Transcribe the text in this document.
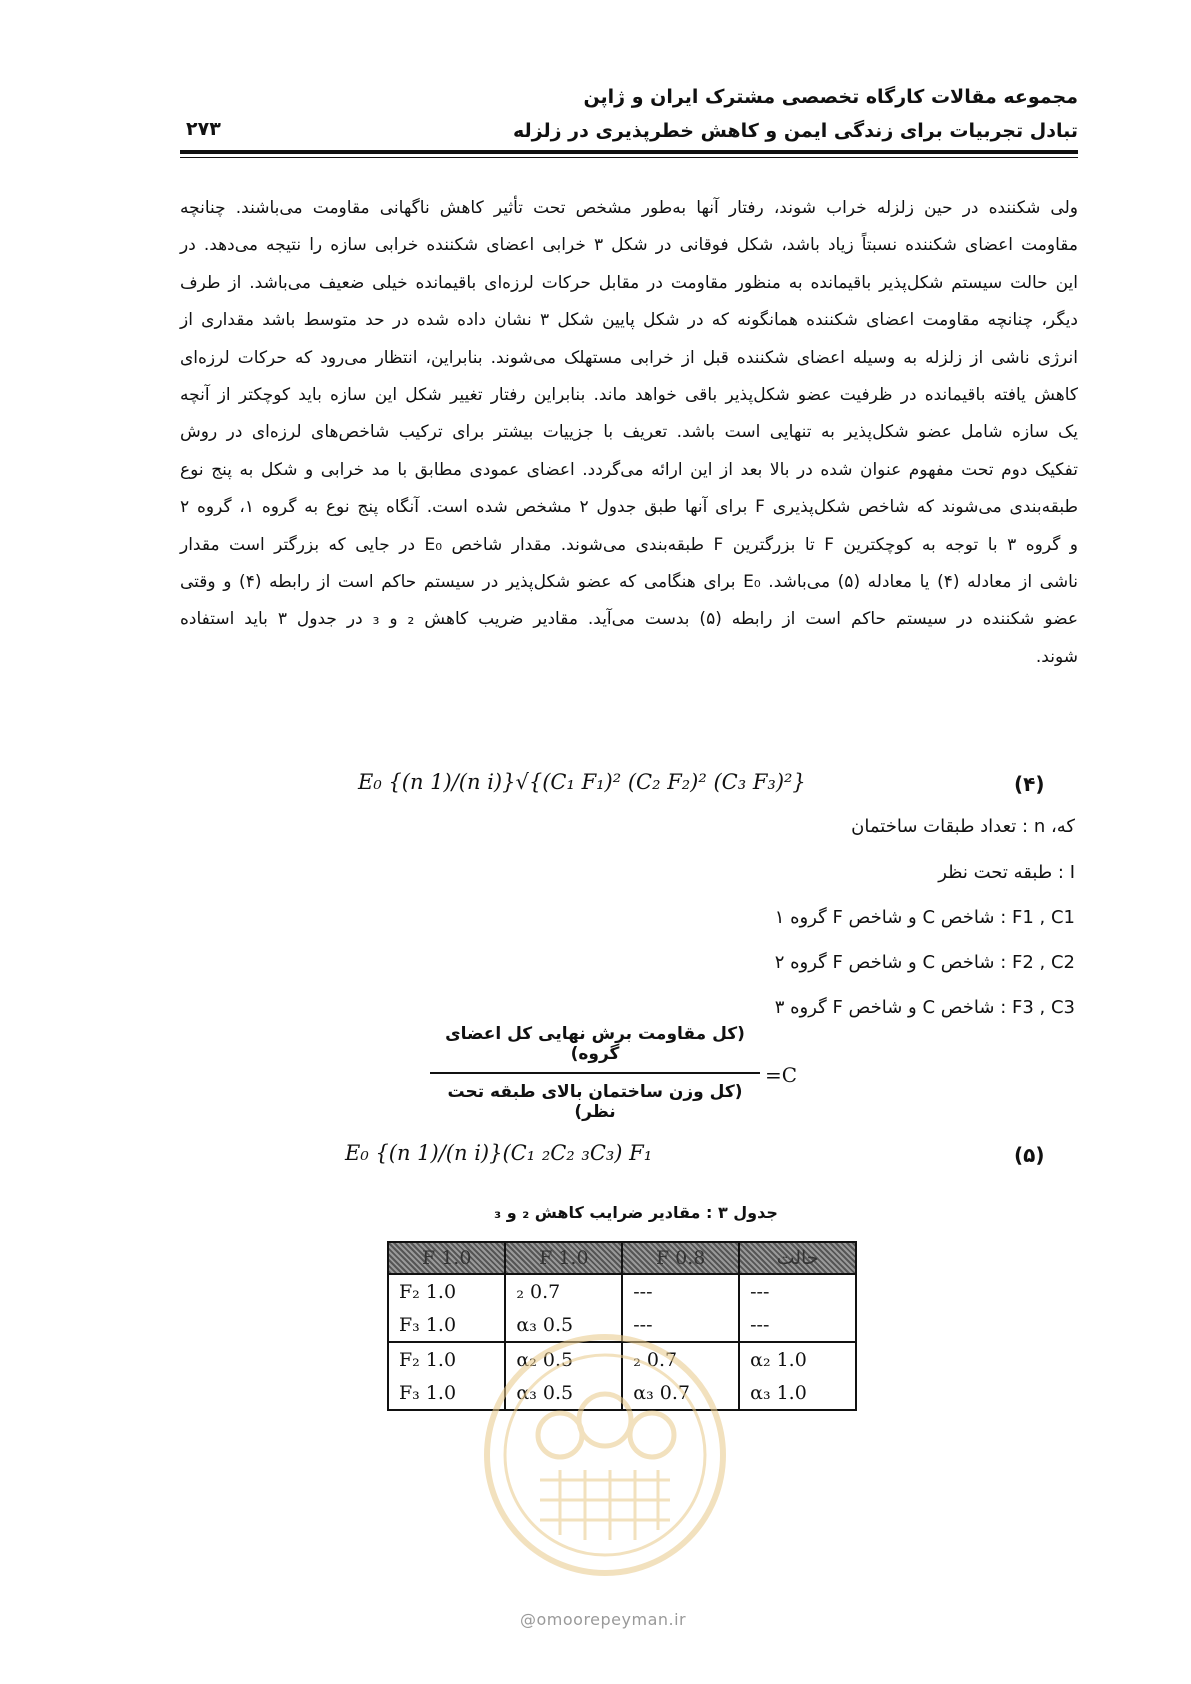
مجموعه مقالات کارگاه تخصصی مشترک ایران و ژاپن
تبادل تجربیات برای زندگی ایمن و کاهش خطرپذیری در زلزله
۲۷۳
ولی شکننده در حین زلزله خراب شوند، رفتار آنها به‌طور مشخص تحت تأثیر کاهش ناگهانی مقاومت می‌باشند. چنانچه
مقاومت اعضای شکننده نسبتاً زیاد باشد، شکل فوقانی در شکل ۳ خرابی اعضای شکننده خرابی سازه را نتیجه می‌دهد. در
این حالت سیستم شکل‌پذیر باقیمانده به منظور مقاومت در مقابل حرکات لرزه‌ای باقیمانده خیلی ضعیف می‌باشد. از طرف
دیگر، چنانچه مقاومت اعضای شکننده همانگونه که در شکل پایین شکل ۳ نشان داده شده در حد متوسط باشد مقداری از
انرژی ناشی از زلزله به وسیله اعضای شکننده قبل از خرابی مستهلک می‌شوند. بنابراین، انتظار می‌رود که حرکات لرزه‌ای
کاهش یافته باقیمانده در ظرفیت عضو شکل‌پذیر باقی خواهد ماند. بنابراین رفتار تغییر شکل این سازه باید کوچکتر از آنچه
یک سازه شامل عضو شکل‌پذیر به تنهایی است باشد. تعریف با جزییات بیشتر برای ترکیب شاخص‌های لرزه‌ای در روش
تفکیک دوم تحت مفهوم عنوان شده در بالا بعد از این ارائه می‌گردد. اعضای عمودی مطابق با مد خرابی و شکل به پنج نوع
طبقه‌بندی می‌شوند که شاخص شکل‌پذیری F برای آنها طبق جدول ۲ مشخص شده است. آنگاه پنج نوع به گروه ۱، گروه ۲
و گروه ۳ با توجه به کوچکترین F تا بزرگترین F طبقه‌بندی می‌شوند. مقدار شاخص E₀ در جایی که بزرگتر است مقدار
ناشی از معادله (۴) یا معادله (۵) می‌باشد. E₀ برای هنگامی که عضو شکل‌پذیر در سیستم حاکم است از رابطه (۴) و وقتی
عضو شکننده در سیستم حاکم است از رابطه (۵) بدست می‌آید. مقادیر ضریب کاهش ₂ و ₃ در جدول ۳ باید استفاده
شوند.
E₀ {(n 1)/(n i)}√{(C₁ F₁)² (C₂ F₂)² (C₃ F₃)²}	(۴)
که، n : تعداد طبقات ساختمان
I : طبقه تحت نظر
F1 , C1 : شاخص C و شاخص F گروه ۱
F2 , C2 : شاخص C و شاخص F گروه ۲
F3 , C3 : شاخص C و شاخص F گروه ۳
(کل مقاومت برش نهایی کل اعضای گروه)
(کل وزن ساختمان بالای طبقه تحت نظر)
=C
E₀ {(n 1)/(n i)}(C₁ ₂C₂ ₃C₃) F₁	(۵)
جدول ۳ : مقادیر ضرایب کاهش ₂ و ₃
F 1.0	F 1.0	F 0.8	حالت
F₂ 1.0	₂ 0.7	---	---
F₃ 1.0	α₃ 0.5	---	---
F₂ 1.0	α₂ 0.5	₂ 0.7	α₂ 1.0
F₃ 1.0	α₃ 0.5	α₃ 0.7	α₃ 1.0
@omoorepeyman.ir
